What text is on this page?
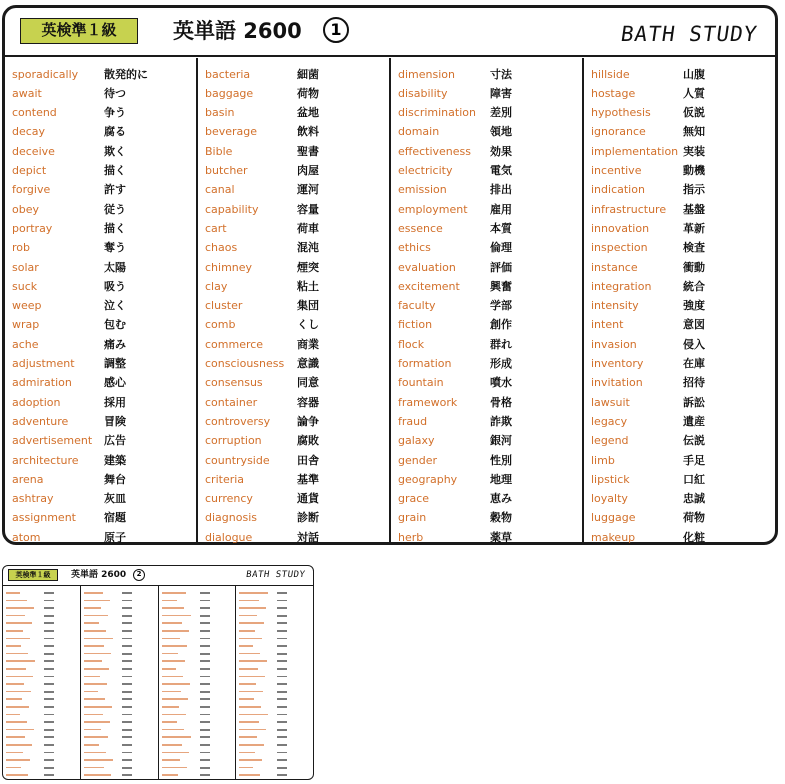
英検準１級	英単語 2600	1	BATH STUDY
sporadically 散発的に
await	待つ
contend	争う
decay	腐る
deceive	欺く
depict	描く
forgive	許す
obey	従う
portray	描く
rob	奪う
solar	太陽
suck	吸う
weep	泣く
wrap	包む
ache	痛み
adjustment	調整
admiration	感心
adoption	採用
adventure	冒険
advertisement 広告
architecture 建築
arena	舞台
ashtray	灰皿
assignment	宿題
atom	原子
bacteria	細菌
baggage	荷物
basin	盆地
beverage	飲料
Bible	聖書
butcher	肉屋
canal	運河
capability	容量
cart	荷車
chaos	混沌
chimney	煙突
clay	粘土
cluster	集団
comb	くし
commerce	商業
consciousness 意識
consensus	同意
container	容器
controversy 論争
corruption	腐敗
countryside 田舎
criteria	基準
currency	通貨
diagnosis	診断
dialogue	対話
dimension	寸法
disability	障害
discrimination 差別
domain	領地
effectiveness 効果
electricity	電気
emission	排出
employment 雇用
essence	本質
ethics	倫理
evaluation	評価
excitement	興奮
faculty	学部
fiction	創作
flock	群れ
formation	形成
fountain	噴水
framework	骨格
fraud	詐欺
galaxy	銀河
gender	性別
geography	地理
grace	恵み
grain	穀物
herb	薬草
hillside	山腹
hostage	人質
hypothesis	仮説
ignorance	無知
implementation 実装
incentive	動機
indication	指示
infrastructure 基盤
innovation	革新
inspection	検査
instance	衝動
integration	統合
intensity	強度
intent	意図
invasion	侵入
inventory	在庫
invitation	招待
lawsuit	訴訟
legacy	遺産
legend	伝説
limb	手足
lipstick	口紅
loyalty	忠誠
luggage	荷物
makeup	化粧
英検準１級	英単語 2600	2	BATH STUDY
